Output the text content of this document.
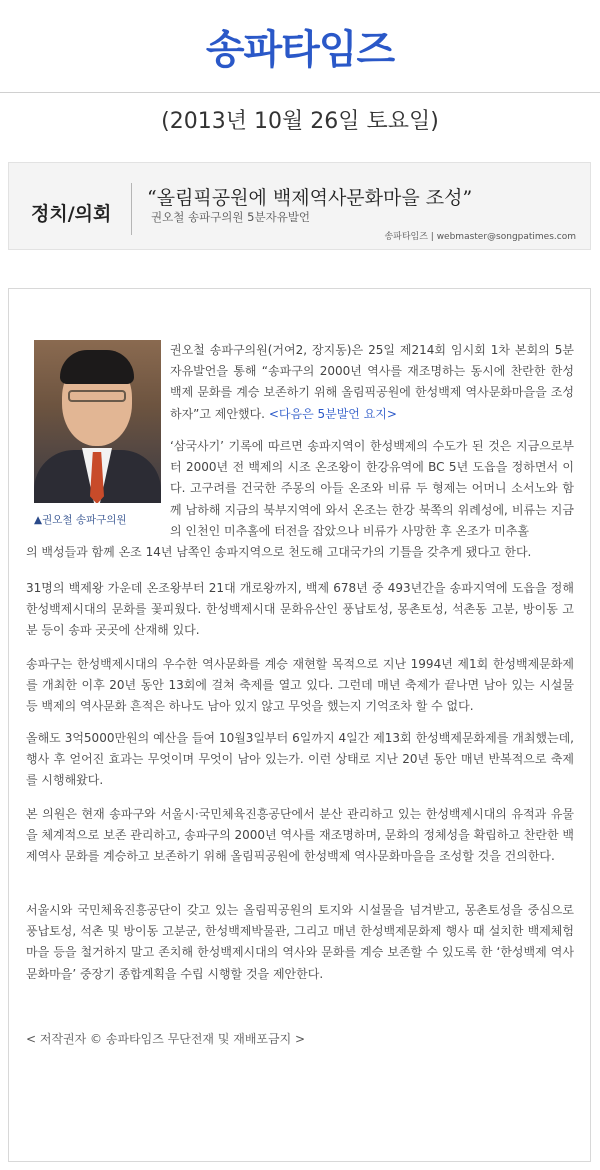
송파타임즈
(2013년 10월 26일 토요일)
정치/의회
“올림픽공원에 백제역사문화마을 조성”
권오철 송파구의원 5분자유발언
송파타임즈 | webmaster@songpatimes.com
▲권오철 송파구의원

권오철 송파구의원(거여2, 장지동)은 25일 제214회 임시회 1차 본회의 5분 자유발언을 통해 “송파구의 2000년 역사를 재조명하는 동시에 찬란한 한성 백제 문화를 계승 보존하기 위해 올림픽공원에 한성백제 역사문화마을을 조성하자”고 제안했다. <다음은 5분발언 요지>

‘삼국사기’ 기록에 따르면 송파지역이 한성백제의 수도가 된 것은 지금으로부터 2000년 전 백제의 시조 온조왕이 한강유역에 BC 5년 도읍을 정하면서 이다. 고구려를 건국한 주몽의 아들 온조와 비류 두 형제는 어머니 소서노와 함께 남하해 지금의 북부지역에 와서 온조는 한강 북쪽의 위례성에, 비류는 지금의 인천인 미추홀에 터전을 잡았으나 비류가 사망한 후 온조가 미추홀

의 백성들과 함께 온조 14년 남쪽인 송파지역으로 천도해 고대국가의 기틀을 갖추게 됐다고 한다.

31명의 백제왕 가운데 온조왕부터 21대 개로왕까지, 백제 678년 중 493년간을 송파지역에 도읍을 정해 한성백제시대의 문화를 꽃피웠다. 한성백제시대 문화유산인 풍납토성, 몽촌토성, 석촌동 고분, 방이동 고분 등이 송파 곳곳에 산재해 있다.

송파구는 한성백제시대의 우수한 역사문화를 계승 재현할 목적으로 지난 1994년 제1회 한성백제문화제를 개최한 이후 20년 동안 13회에 걸쳐 축제를 열고 있다. 그런데 매년 축제가 끝나면 남아 있는 시설물 등 백제의 역사문화 흔적은 하나도 남아 있지 않고 무엇을 했는지 기억조차 할 수 없다.

올해도 3억5000만원의 예산을 들여 10월3일부터 6일까지 4일간 제13회 한성백제문화제를 개최했는데, 행사 후 얻어진 효과는 무엇이며 무엇이 남아 있는가. 이런 상태로 지난 20년 동안 매년 반복적으로 축제를 시행해왔다.

본 의원은 현재 송파구와 서울시·국민체육진흥공단에서 분산 관리하고 있는 한성백제시대의 유적과 유물을 체계적으로 보존 관리하고, 송파구의 2000년 역사를 재조명하며, 문화의 정체성을 확립하고 찬란한 백제역사 문화를 계승하고 보존하기 위해 올림픽공원에 한성백제 역사문화마을을 조성할 것을 건의한다.

서울시와 국민체육진흥공단이 갖고 있는 올림픽공원의 토지와 시설물을 넘겨받고, 몽촌토성을 중심으로 풍납토성, 석촌 및 방이동 고분군, 한성백제박물관, 그리고 매년 한성백제문화제 행사 때 설치한 백제체험마을 등을 철거하지 말고 존치해 한성백제시대의 역사와 문화를 계승 보존할 수 있도록 한 ‘한성백제 역사문화마을’ 중장기 종합계획을 수립 시행할 것을 제안한다.

< 저작권자 © 송파타임즈 무단전재 및 재배포금지 >
